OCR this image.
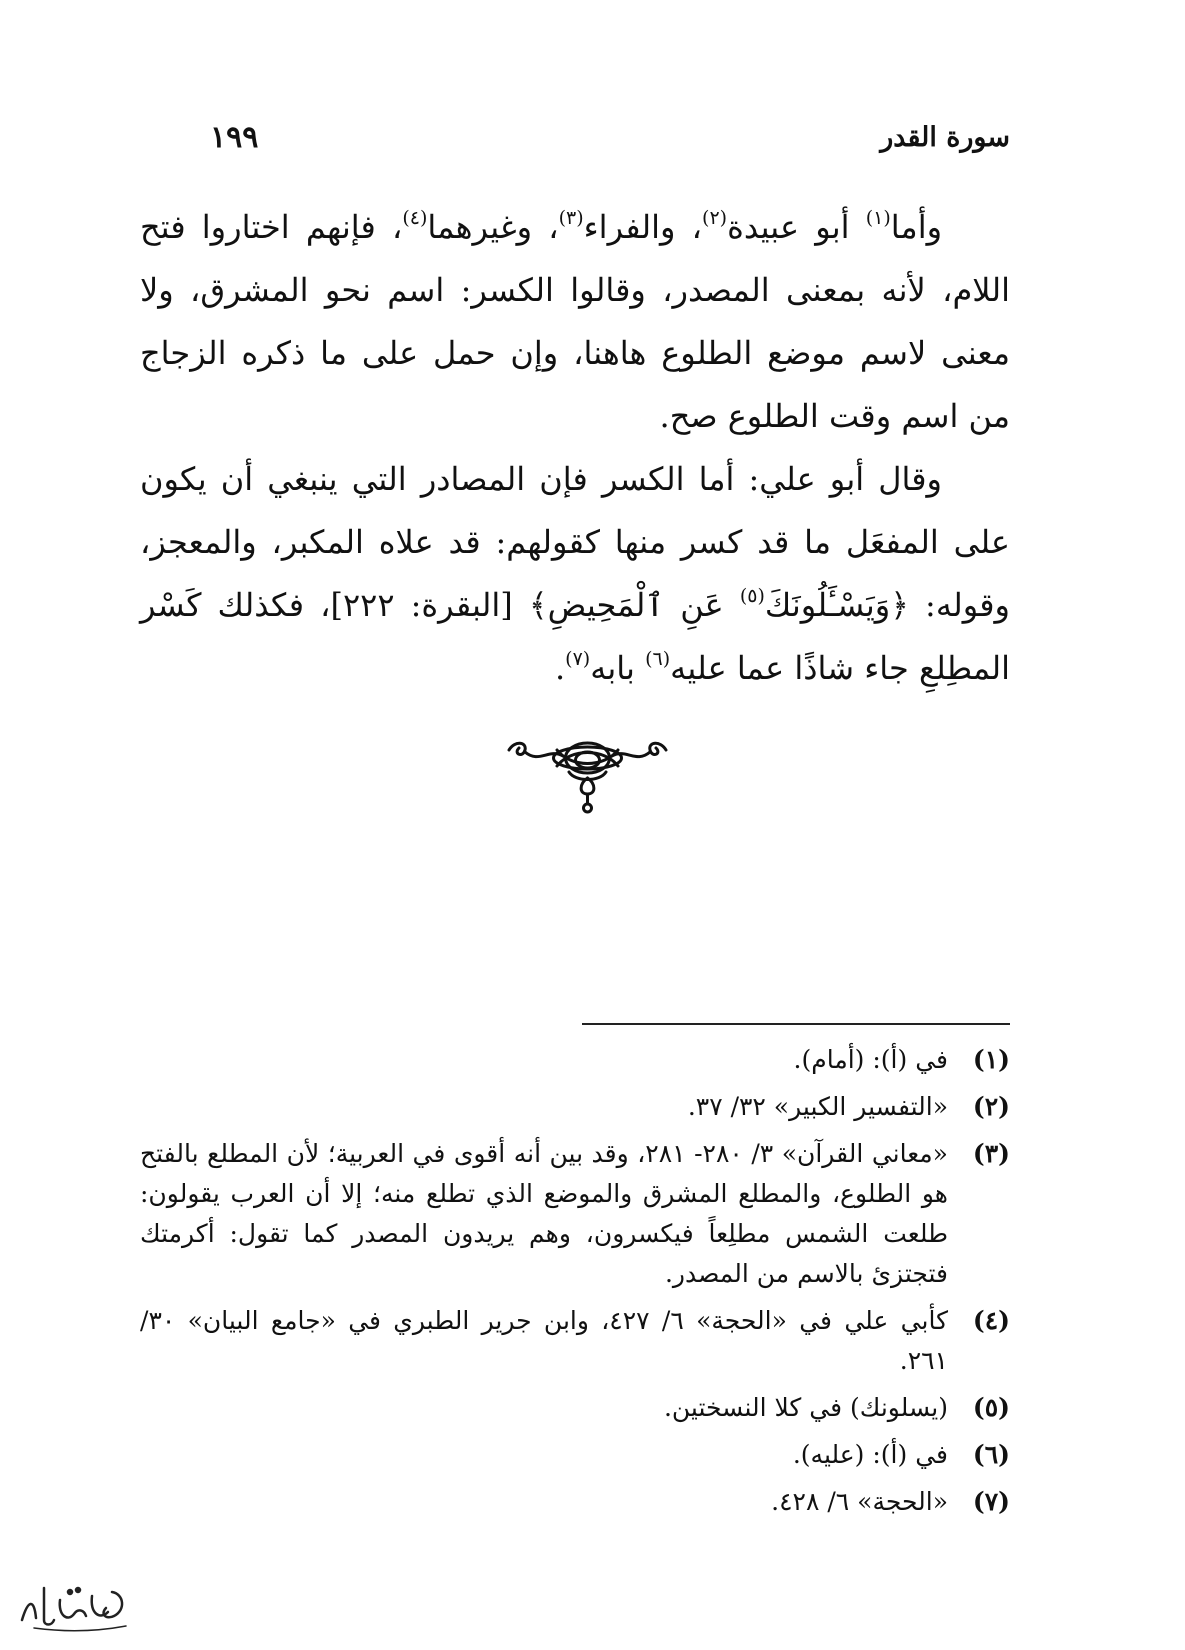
سورة القدر
١٩٩

وأما$^{(١)}$ أبو عبيدة$^{(٢)}$، والفراء$^{(٣)}$، وغيرهما$^{(٤)}$، فإنهم اختاروا فتح اللام، لأنه بمعنى المصدر، وقالوا الكسر: اسم نحو المشرق، ولا معنى لاسم موضع الطلوع هاهنا، وإن حمل على ما ذكره الزجاج من اسم وقت الطلوع صح.

وقال أبو علي: أما الكسر فإن المصادر التي ينبغي أن يكون على المفعَل ما قد كسر منها كقولهم: قد علاه المكبر، والمعجز، وقوله: ﴿وَيَسْـَٔلُونَكَ$^{(٥)}$ عَنِ ٱلْمَحِيضِ﴾ [البقرة: ٢٢٢]، فكذلك كَسْر المطِلعِ جاء شاذًا عما عليه$^{(٦)}$ بابه$^{(٧)}$.

(١)
في (أ): (أمام).
(٢)
«التفسير الكبير» ٣٢/ ٣٧.
(٣)
«معاني القرآن» ٣/ ٢٨٠- ٢٨١، وقد بين أنه أقوى في العربية؛ لأن المطلع بالفتح هو الطلوع، والمطلع المشرق والموضع الذي تطلع منه؛ إلا أن العرب يقولون: طلعت الشمس مطلِعاً فيكسرون، وهم يريدون المصدر كما تقول: أكرمتك فتجتزئ بالاسم من المصدر.
(٤)
كأبي علي في «الحجة» ٦/ ٤٢٧، وابن جرير الطبري في «جامع البيان» ٣٠/ ٢٦١.
(٥)
(يسلونك) في كلا النسختين.
(٦)
في (أ): (عليه).
(٧)
«الحجة» ٦/ ٤٢٨.
